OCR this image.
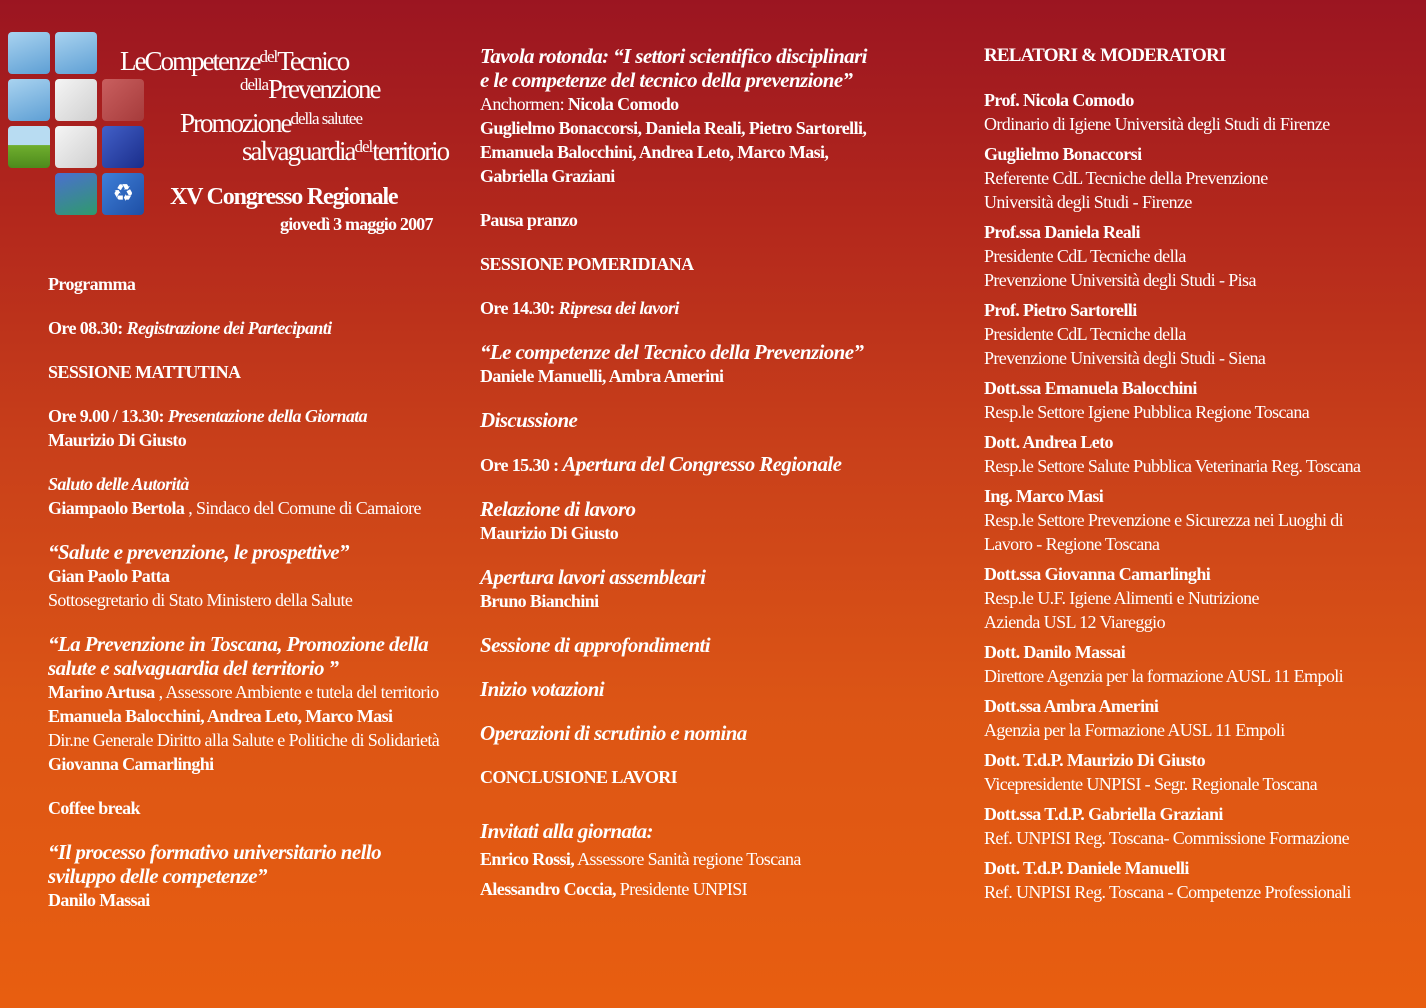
♻
LeCompetenzedelTecnico
dellaPrevenzione
Promozionedella salutee
salvaguardiadelterritorio
XV Congresso Regionale
giovedì 3 maggio 2007

Programma

Ore 08.30: Registrazione dei Partecipanti

SESSIONE MATTUTINA

Ore 9.00 / 13.30: Presentazione della Giornata

Maurizio Di Giusto

Saluto delle Autorità

Giampaolo Bertola , Sindaco del Comune di Camaiore

“Salute e prevenzione, le prospettive”

Gian Paolo Patta

Sottosegretario di Stato Ministero della Salute

“La Prevenzione in Toscana, Promozione della

salute e salvaguardia del territorio ”

Marino Artusa , Assessore Ambiente e tutela del territorio

Emanuela Balocchini, Andrea Leto, Marco Masi

Dir.ne Generale Diritto alla Salute e Politiche di Solidarietà

Giovanna Camarlinghi

Coffee break

“Il processo formativo universitario nello

sviluppo delle competenze”

Danilo Massai

Tavola rotonda: “I settori scientifico disciplinari

e le competenze del tecnico della prevenzione”

Anchormen: Nicola Comodo

Guglielmo Bonaccorsi, Daniela Reali, Pietro Sartorelli,

Emanuela Balocchini, Andrea Leto, Marco Masi,

Gabriella Graziani

Pausa pranzo

SESSIONE POMERIDIANA

Ore 14.30: Ripresa dei lavori

“Le competenze del Tecnico della Prevenzione”

Daniele Manuelli, Ambra Amerini

Discussione

Ore 15.30 : Apertura del Congresso Regionale

Relazione di lavoro

Maurizio Di Giusto

Apertura lavori assembleari

Bruno Bianchini

Sessione di approfondimenti

Inizio votazioni

Operazioni di scrutinio e nomina

CONCLUSIONE LAVORI

Invitati alla giornata:

Enrico Rossi, Assessore Sanità regione Toscana

Alessandro Coccia, Presidente UNPISI

RELATORI & MODERATORI

Prof. Nicola Comodo

Ordinario di Igiene Università degli Studi di Firenze

Guglielmo Bonaccorsi

Referente CdL Tecniche della Prevenzione

Università degli Studi - Firenze

Prof.ssa Daniela Reali

Presidente CdL Tecniche della

Prevenzione Università degli Studi - Pisa

Prof. Pietro Sartorelli

Presidente CdL Tecniche della

Prevenzione Università degli Studi - Siena

Dott.ssa Emanuela Balocchini

Resp.le Settore Igiene Pubblica Regione Toscana

Dott. Andrea Leto

Resp.le Settore Salute Pubblica Veterinaria Reg. Toscana

Ing. Marco Masi

Resp.le Settore Prevenzione e Sicurezza nei Luoghi di

Lavoro - Regione Toscana

Dott.ssa Giovanna Camarlinghi

Resp.le U.F. Igiene Alimenti e Nutrizione

Azienda USL 12 Viareggio

Dott. Danilo Massai

Direttore Agenzia per la formazione AUSL 11 Empoli

Dott.ssa Ambra Amerini

Agenzia per la Formazione AUSL 11 Empoli

Dott. T.d.P. Maurizio Di Giusto

Vicepresidente UNPISI - Segr. Regionale Toscana

Dott.ssa T.d.P. Gabriella Graziani

Ref. UNPISI Reg. Toscana- Commissione Formazione

Dott. T.d.P. Daniele Manuelli

Ref. UNPISI Reg. Toscana - Competenze Professionali
